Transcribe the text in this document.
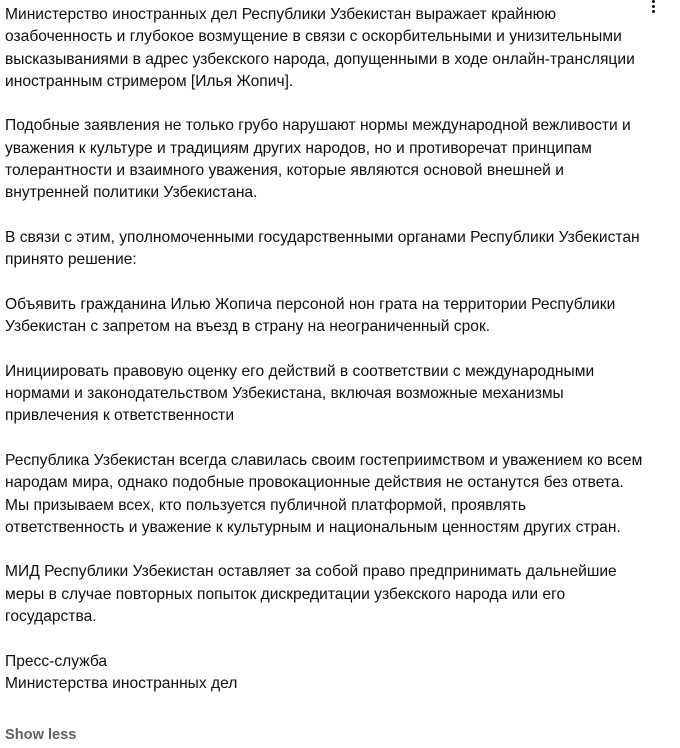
Министерство иностранных дел Республики Узбекистан выражает крайнюю озабоченность и глубокое возмущение в связи с оскорбительными и унизительными высказываниями в адрес узбекского народа, допущенными в ходе онлайн-трансляции иностранным стримером [Илья Жопич].

Подобные заявления не только грубо нарушают нормы международной вежливости и уважения к культуре и традициям других народов, но и противоречат принципам толерантности и взаимного уважения, которые являются основой внешней и внутренней политики Узбекистана.

В связи с этим, уполномоченными государственными органами Республики Узбекистан принято решение:

Объявить гражданина Илью Жопича персоной нон грата на территории Республики Узбекистан с запретом на въезд в страну на неограниченный срок.

Инициировать правовую оценку его действий в соответствии с международными нормами и законодательством Узбекистана, включая возможные механизмы привлечения к ответственности

Республика Узбекистан всегда славилась своим гостеприимством и уважением ко всем народам мира, однако подобные провокационные действия не останутся без ответа. Мы призываем всех, кто пользуется публичной платформой, проявлять ответственность и уважение к культурным и национальным ценностям других стран.

МИД Республики Узбекистан оставляет за собой право предпринимать дальнейшие меры в случае повторных попыток дискредитации узбекского народа или его государства.

Пресс-служба
Министерства иностранных дел

Show less
